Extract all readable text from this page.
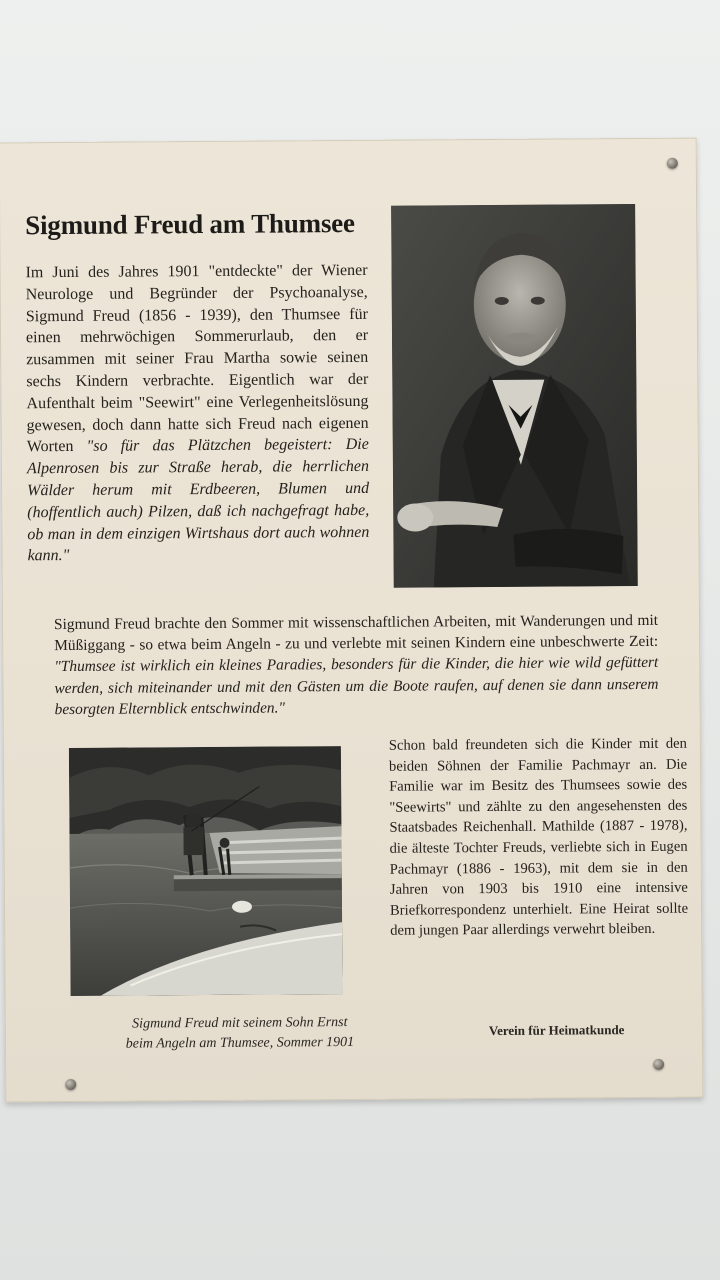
Sigmund Freud am Thumsee

Im Juni des Jahres 1901 "entdeckte" der Wiener Neurologe und Begründer der Psychoanalyse, Sigmund Freud (1856 - 1939), den Thumsee für einen mehrwöchigen Sommerurlaub, den er zusammen mit seiner Frau Martha sowie seinen sechs Kindern verbrachte. Eigentlich war der Aufenthalt beim "Seewirt" eine Verlegenheitslösung gewesen, doch dann hatte sich Freud nach eigenen Worten "so für das Plätzchen begeistert: Die Alpenrosen bis zur Straße herab, die herrlichen Wälder herum mit Erdbeeren, Blumen und (hoffentlich auch) Pilzen, daß ich nachgefragt habe, ob man in dem einzigen Wirtshaus dort auch wohnen kann."

Sigmund Freud brachte den Sommer mit wissenschaftlichen Arbeiten, mit Wanderungen und mit Müßiggang - so etwa beim Angeln - zu und verlebte mit seinen Kindern eine unbeschwerte Zeit: "Thumsee ist wirklich ein kleines Paradies, besonders für die Kinder, die hier wie wild gefüttert werden, sich miteinander und mit den Gästen um die Boote raufen, auf denen sie dann unserem besorgten Elternblick entschwinden."

Schon bald freundeten sich die Kinder mit den beiden Söhnen der Familie Pachmayr an. Die Familie war im Besitz des Thumsees sowie des "Seewirts" und zählte zu den angesehensten des Staatsbades Reichenhall. Mathilde (1887 - 1978), die älteste Tochter Freuds, verliebte sich in Eugen Pachmayr (1886 - 1963), mit dem sie in den Jahren von 1903 bis 1910 eine intensive Briefkorrespondenz unterhielt. Eine Heirat sollte dem jungen Paar allerdings verwehrt bleiben.

Sigmund Freud mit seinem Sohn Ernst
beim Angeln am Thumsee, Sommer 1901

Verein für Heimatkunde
